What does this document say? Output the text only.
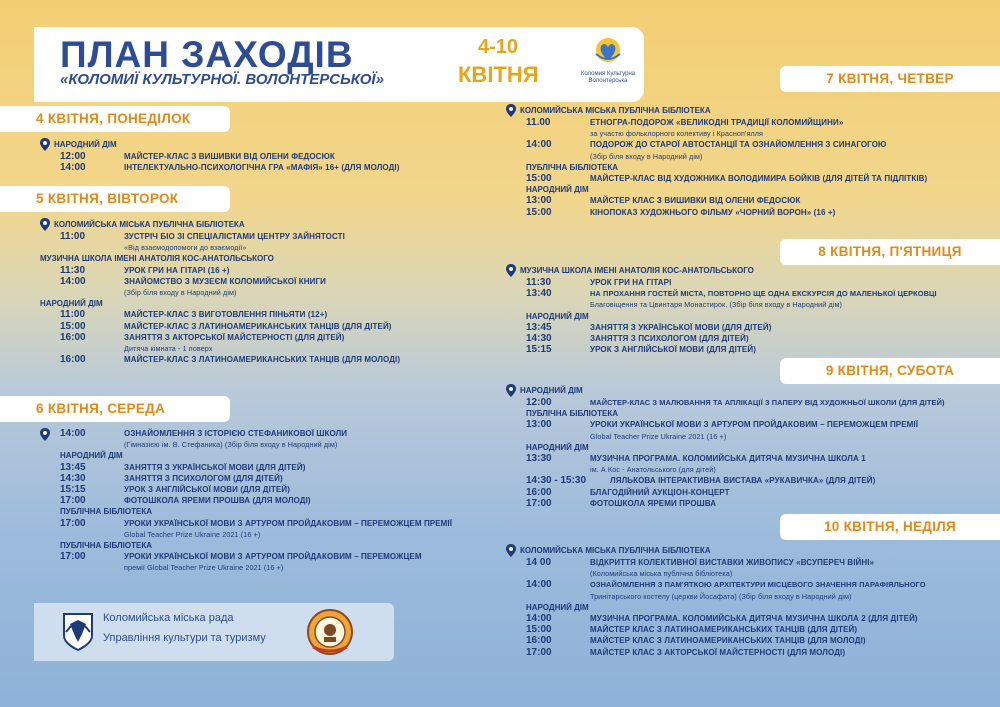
ПЛАН ЗАХОДІВ
«КОЛОМИЇ КУЛЬТУРНОЇ. ВОЛОНТЕРСЬКОЇ»
4-10
КВІТНЯ	Коломия Культурна
Волонтерська
4 КВІТНЯ, ПОНЕДІЛОК
НАРОДНИЙ ДІМ
12:00	МАЙСТЕР-КЛАС З ВИШИВКИ ВІД ОЛЕНИ ФЕДОСЮК
14:00	ІНТЕЛЕКТУАЛЬНО-ПСИХОЛОГІЧНА ГРА «МАФІЯ» 16+ (ДЛЯ МОЛОДІ)
5 КВІТНЯ, ВІВТОРОК
КОЛОМИЙСЬКА МІСЬКА ПУБЛІЧНА БІБЛІОТЕКА
11:00	ЗУСТРІЧ БІО ЗІ СПЕЦІАЛІСТАМИ ЦЕНТРУ ЗАЙНЯТОСТІ
«Від взаємодопомоги до взаємодії»
МУЗИЧНА ШКОЛА ІМЕНІ АНАТОЛІЯ КОС-АНАТОЛЬСЬКОГО
11:30	УРОК ГРИ НА ГІТАРІ (16 +)
14:00	ЗНАЙОМСТВО З МУЗЕЄМ КОЛОМИЙСЬКОЇ КНИГИ
(Збір біля входу в Народний дім)
НАРОДНИЙ ДІМ
11:00	МАЙСТЕР-КЛАС З ВИГОТОВЛЕННЯ ПІНЬЯТИ (12+)
15:00	МАЙСТЕР-КЛАС З ЛАТИНОАМЕРИКАНСЬКИХ ТАНЦІВ (ДЛЯ ДІТЕЙ)
16:00	ЗАНЯТТЯ З АКТОРСЬКОЇ МАЙСТЕРНОСТІ (ДЛЯ ДІТЕЙ)
Дитяча кімната - 1 поверх
16:00	МАЙСТЕР-КЛАС З ЛАТИНОАМЕРИКАНСЬКИХ ТАНЦІВ (ДЛЯ МОЛОДІ)
6 КВІТНЯ, СЕРЕДА
14:00	ОЗНАЙОМЛЕННЯ З ІСТОРІЄЮ СТЕФАНИКОВОЇ ШКОЛИ
(Гімназією ім. В. Стефаника) (Збір біля входу в Народний дім)
НАРОДНИЙ ДІМ
13:45	ЗАНЯТТЯ З УКРАЇНСЬКОЇ МОВИ (ДЛЯ ДІТЕЙ)
14:30	ЗАНЯТТЯ З ПСИХОЛОГОМ (ДЛЯ ДІТЕЙ)
15:15	УРОК З АНГЛІЙСЬКОЇ МОВИ (ДЛЯ ДІТЕЙ)
17:00	ФОТОШКОЛА ЯРЕМИ ПРОШВА (ДЛЯ МОЛОДІ)
ПУБЛІЧНА БІБЛІОТЕКА
17:00	УРОКИ УКРАЇНСЬКОЇ МОВИ З АРТУРОМ ПРОЙДАКОВИМ – ПЕРЕМОЖЦЕМ ПРЕМІЇ
Global Teacher Prize Ukraine 2021 (16 +)
ПУБЛІЧНА БІБЛІОТЕКА
17:00	УРОКИ УКРАЇНСЬКОЇ МОВИ З АРТУРОМ ПРОЙДАКОВИМ – ПЕРЕМОЖЦЕМ
премії Global Teacher Prize Ukraine 2021 (16 +)
Коломийська міська рада
Управління культури та туризму
7 КВІТНЯ, ЧЕТВЕР
КОЛОМИЙСЬКА МІСЬКА ПУБЛІЧНА БІБЛІОТЕКА
11.00	ЕТНОГРА-ПОДОРОЖ «ВЕЛИКОДНІ ТРАДИЦІЇ КОЛОМИЙЩИНИ»
за участю фольклорного колективу і Красноп'ялля
14:00	ПОДОРОЖ ДО СТАРОЇ АВТОСТАНЦІЇ ТА ОЗНАЙОМЛЕННЯ З СИНАГОГОЮ
(Збір біля входу в Народний дім)
ПУБЛІЧНА БІБЛІОТЕКА
15:00	МАЙСТЕР-КЛАС ВІД ХУДОЖНИКА ВОЛОДИМИРА БОЙКІВ (ДЛЯ ДІТЕЙ ТА ПІДЛІТКІВ)
НАРОДНИЙ ДІМ
13:00	МАЙСТЕР КЛАС З ВИШИВКИ ВІД ОЛЕНИ ФЕДОСЮК
15:00	КІНОПОКАЗ ХУДОЖНЬОГО ФІЛЬМУ «ЧОРНИЙ ВОРОН» (16 +)
8 КВІТНЯ, П'ЯТНИЦЯ
МУЗИЧНА ШКОЛА ІМЕНІ АНАТОЛІЯ КОС-АНАТОЛЬСЬКОГО
11:30	УРОК ГРИ НА ГІТАРІ
13:40	НА ПРОХАННЯ ГОСТЕЙ МІСТА, ПОВТОРНО ЩЕ ОДНА ЕКСКУРСІЯ ДО МАЛЕНЬКОЇ ЦЕРКОВЦІ
Благовіщення та Цвинтаря Монастирок. (Збір біля входу в Народний дім)
НАРОДНИЙ ДІМ
13:45	ЗАНЯТТЯ З УКРАЇНСЬКОЇ МОВИ (ДЛЯ ДІТЕЙ)
14:30	ЗАНЯТТЯ З ПСИХОЛОГОМ (ДЛЯ ДІТЕЙ)
15:15	УРОК З АНГЛІЙСЬКОЇ МОВИ (ДЛЯ ДІТЕЙ)
9 КВІТНЯ, СУБОТА
НАРОДНИЙ ДІМ
12:00	МАЙСТЕР-КЛАС З МАЛЮВАННЯ ТА АПЛІКАЦІЇ З ПАПЕРУ ВІД ХУДОЖНЬОЇ ШКОЛИ (ДЛЯ ДІТЕЙ)
ПУБЛІЧНА БІБЛІОТЕКА
13:00	УРОКИ УКРАЇНСЬКОЇ МОВИ З АРТУРОМ ПРОЙДАКОВИМ – ПЕРЕМОЖЦЕМ ПРЕМІЇ
Global Teacher Prize Ukraine 2021 (16 +)
НАРОДНИЙ ДІМ
13:30	МУЗИЧНА ПРОГРАМА. КОЛОМИЙСЬКА ДИТЯЧА МУЗИЧНА ШКОЛА 1
ім. А Кос - Анатольського (для дітей)
14:30 - 15:30	ЛЯЛЬКОВА ІНТЕРАКТИВНА ВИСТАВА «РУКАВИЧКА» (ДЛЯ ДІТЕЙ)
16:00	БЛАГОДІЙНИЙ АУКЦІОН-КОНЦЕРТ
17:00	ФОТОШКОЛА ЯРЕМИ ПРОШВА
10 КВІТНЯ, НЕДІЛЯ
КОЛОМИЙСЬКА МІСЬКА ПУБЛІЧНА БІБЛІОТЕКА
14 00	ВІДКРИТТЯ КОЛЕКТИВНОЇ ВИСТАВКИ ЖИВОПИСУ «ВСУПЕРЕЧ ВІЙНІ»
(Коломийська міська публічна бібліотека)
14:00	ОЗНАЙОМЛЕННЯ З ПАМ'ЯТКОЮ АРХІТЕКТУРИ МІСЦЕВОГО ЗНАЧЕННЯ ПАРАФІЯЛЬНОГО
Тринітарського костелу (церкви Йосафата) (Збір біля входу в Народний дім)
НАРОДНИЙ ДІМ
14:00	МУЗИЧНА ПРОГРАМА. КОЛОМИЙСЬКА ДИТЯЧА МУЗИЧНА ШКОЛА 2 (ДЛЯ ДІТЕЙ)
15:00	МАЙСТЕР КЛАС З ЛАТИНОАМЕРИКАНСЬКИХ ТАНЦІВ (ДЛЯ ДІТЕЙ)
16:00	МАЙСТЕР КЛАС З ЛАТИНОАМЕРИКАНСЬКИХ ТАНЦІВ (ДЛЯ МОЛОДІ)
17:00	МАЙСТЕР КЛАС З АКТОРСЬКОЇ МАЙСТЕРНОСТІ (ДЛЯ МОЛОДІ)
